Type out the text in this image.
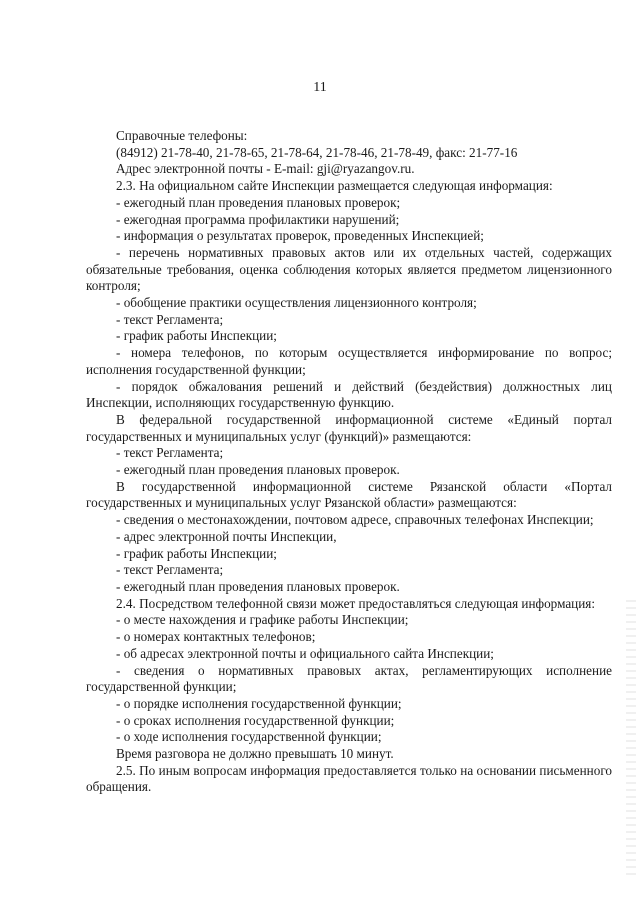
11

Справочные телефоны:

(84912) 21-78-40, 21-78-65, 21-78-64, 21-78-46, 21-78-49, факс: 21-77-16

Адрес электронной почты - E-mail: gji@ryazangov.ru.

2.3. На официальном сайте Инспекции размещается следующая информация:

- ежегодный план проведения плановых проверок;

- ежегодная программа профилактики нарушений;

- информация о результатах проверок, проведенных Инспекцией;

- перечень нормативных правовых актов или их отдельных частей, содержащих обязательные требования, оценка соблюдения которых является предметом лицензионного контроля;

- обобщение практики осуществления лицензионного контроля;

- текст Регламента;

- график работы Инспекции;

- номера телефонов, по которым осуществляется информирование по вопрос; исполнения государственной функции;

- порядок обжалования решений и действий (бездействия) должностных лиц Инспекции, исполняющих государственную функцию.

В федеральной государственной информационной системе «Единый портал государственных и муниципальных услуг (функций)» размещаются:

- текст Регламента;

- ежегодный план проведения плановых проверок.

В государственной информационной системе Рязанской области «Портал государственных и муниципальных услуг Рязанской области» размещаются:

- сведения о местонахождении, почтовом адресе, справочных телефонах Инспекции;

- адрес электронной почты Инспекции,

- график работы Инспекции;

- текст Регламента;

- ежегодный план проведения плановых проверок.

2.4. Посредством телефонной связи может предоставляться следующая информация:

- о месте нахождения и графике работы Инспекции;

- о номерах контактных телефонов;

- об адресах электронной почты и официального сайта Инспекции;

- сведения о нормативных правовых актах, регламентирующих исполнение государственной функции;

- о порядке исполнения государственной функции;

- о сроках исполнения государственной функции;

- о ходе исполнения государственной функции;

Время разговора не должно превышать 10 минут.

2.5. По иным вопросам информация предоставляется только на основании письменного обращения.
